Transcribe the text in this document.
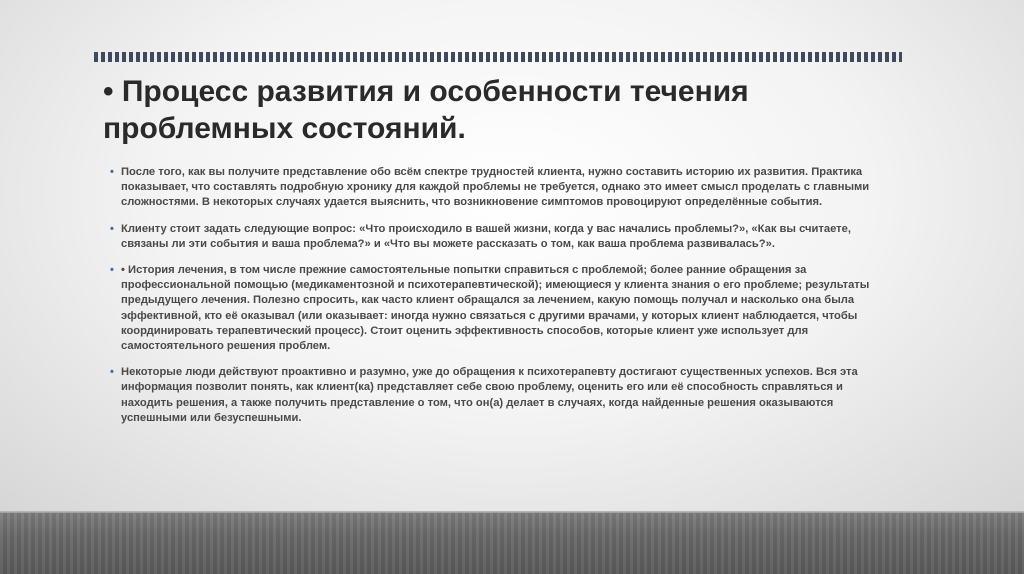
• Процесс развития и особенности течения проблемных состояний.
• После того, как вы получите представление обо всём спектре трудностей клиента, нужно составить историю их развития. Практика показывает, что составлять подробную хронику для каждой проблемы не требуется, однако это имеет смысл проделать с главными сложностями. В некоторых случаях удается выяснить, что возникновение симптомов провоцируют определённые события.
• Клиенту стоит задать следующие вопрос: «Что происходило в вашей жизни, когда у вас начались проблемы?», «Как вы считаете, связаны ли эти события и ваша проблема?» и «Что вы можете рассказать о том, как ваша проблема развивалась?».
• • История лечения, в том числе прежние самостоятельные попытки справиться с проблемой; более ранние обращения за профессиональной помощью (медикаментозной и психотерапевтической); имеющиеся у клиента знания о его проблеме; результаты предыдущего лечения. Полезно спросить, как часто клиент обращался за лечением, какую помощь получал и насколько она была эффективной, кто её оказывал (или оказывает: иногда нужно связаться с другими врачами, у которых клиент наблюдается, чтобы координировать терапевтический процесс). Стоит оценить эффективность способов, которые клиент уже использует для самостоятельного решения проблем.
• Некоторые люди действуют проактивно и разумно, уже до обращения к психотерапевту достигают существенных успехов. Вся эта информация позволит понять, как клиент(ка) представляет себе свою проблему, оценить его или её способность справляться и находить решения, а также получить представление о том, что он(а) делает в случаях, когда найденные решения оказываются успешными или безуспешными.
